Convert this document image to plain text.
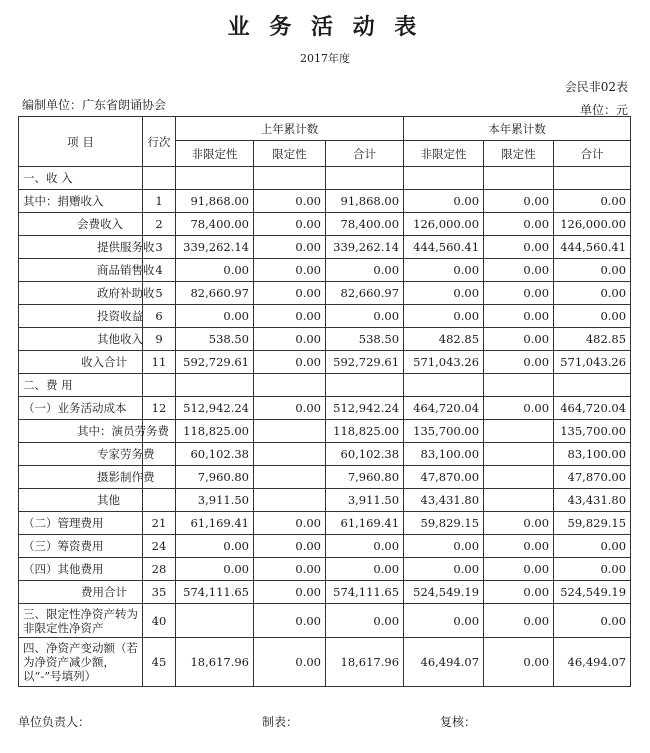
业 务 活 动 表
2017年度
会民非02表
编制单位：广东省朗诵协会	单位：元
项 目	行次	上年累计数			本年累计数		
		非限定性	限定性	合计	非限定性	限定性	合计
一、收 入							
其中：捐赠收入	1	91,868.00	0.00	91,868.00	0.00	0.00	0.00
会费收入	2	78,400.00	0.00	78,400.00	126,000.00	0.00	126,000.00
提供服务收	3	339,262.14	0.00	339,262.14	444,560.41	0.00	444,560.41
商品销售收	4	0.00	0.00	0.00	0.00	0.00	0.00
政府补助收	5	82,660.97	0.00	82,660.97	0.00	0.00	0.00
投资收益	6	0.00	0.00	0.00	0.00	0.00	0.00
其他收入	9	538.50	0.00	538.50	482.85	0.00	482.85
收入合计	11	592,729.61	0.00	592,729.61	571,043.26	0.00	571,043.26
二、费 用							
（一）业务活动成本	12	512,942.24	0.00	512,942.24	464,720.04	0.00	464,720.04
其中：演员劳务费		118,825.00		118,825.00	135,700.00		135,700.00
专家劳务费		60,102.38		60,102.38	83,100.00		83,100.00
摄影制作费		7,960.80		7,960.80	47,870.00		47,870.00
其他		3,911.50		3,911.50	43,431.80		43,431.80
（二）管理费用	21	61,169.41	0.00	61,169.41	59,829.15	0.00	59,829.15
（三）筹资费用	24	0.00	0.00	0.00	0.00	0.00	0.00
（四）其他费用	28	0.00	0.00	0.00	0.00	0.00	0.00
费用合计	35	574,111.65	0.00	574,111.65	524,549.19	0.00	524,549.19
三、限定性净资产转为非限定性净资产	40		0.00	0.00	0.00	0.00	0.00
四、净资产变动额（若为净资产减少额，以“-”号填列）	45	18,617.96	0.00	18,617.96	46,494.07	0.00	46,494.07
单位负责人：	制表：	复核：
